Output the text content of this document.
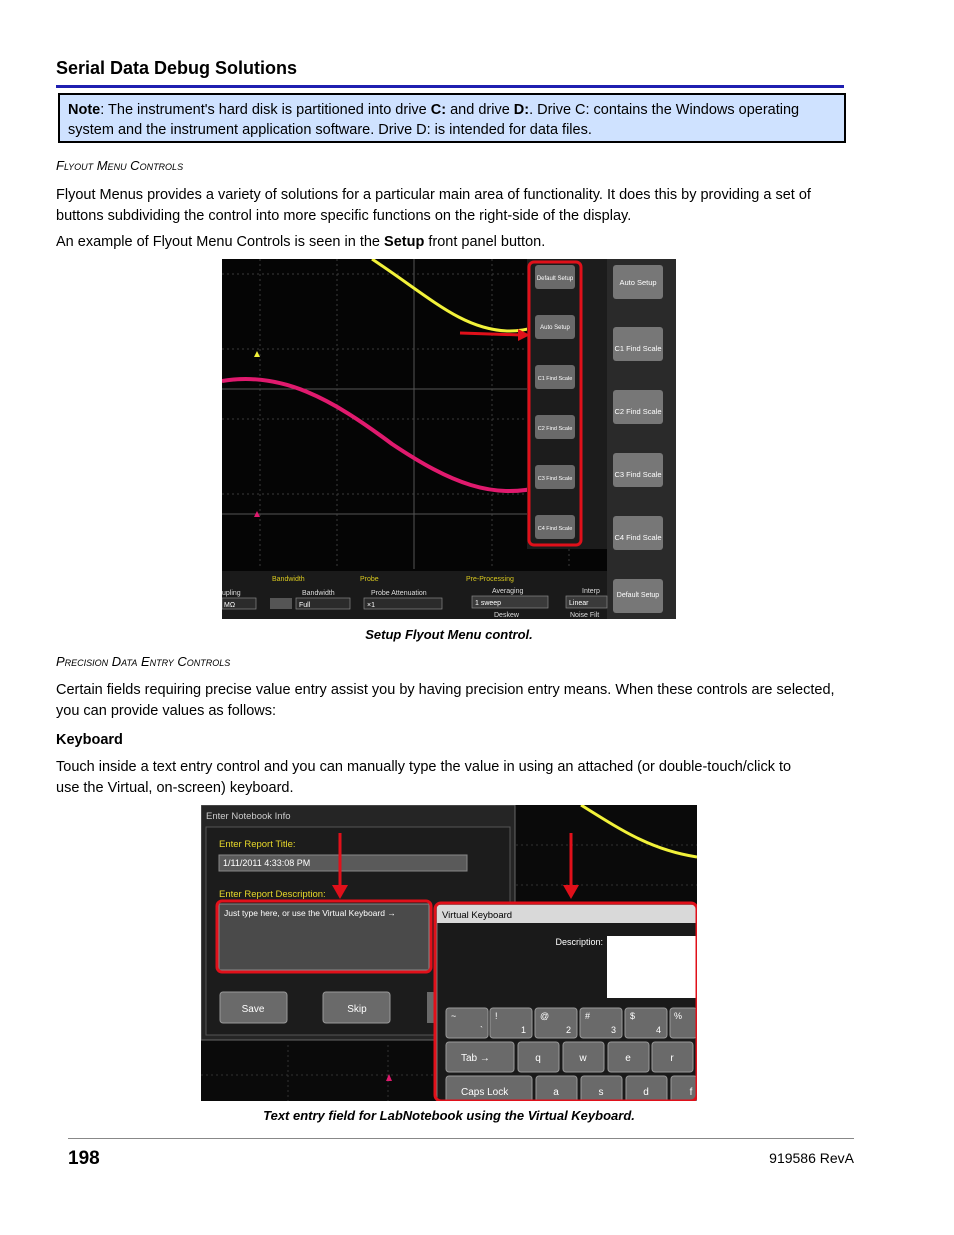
Serial Data Debug Solutions
Note: The instrument's hard disk is partitioned into drive C: and drive D:. Drive C: contains the Windows operating system and the instrument application software. Drive D: is intended for data files.
Flyout Menu Controls
Flyout Menus provides a variety of solutions for a particular main area of functionality. It does this by providing a set of buttons subdividing the control into more specific functions on the right-side of the display.
An example of Flyout Menu Controls is seen in the Setup front panel button.
Default Setup
Auto Setup
C1 Find Scale
C2 Find Scale
C3 Find Scale
C4 Find Scale
Auto Setup
C1 Find Scale
C2 Find Scale
C3 Find Scale
C4 Find Scale
Default Setup
Bandwidth	Probe	Pre-Processing
upling	Bandwidth	Probe Attenuation	Averaging	Interp
MΩ	Full	×1	1 sweep
Deskew
Linear
Noise Filt
Setup Flyout Menu control.
Precision Data Entry Controls
Certain fields requiring precise value entry assist you by having precision entry means. When these controls are selected, you can provide values as follows:
Keyboard
Touch inside a text entry control and you can manually type the value in using an attached (or double-touch/click to use the Virtual, on-screen) keyboard.
Enter Notebook Info
Enter Report Title:
1/11/2011 4:33:08 PM
Enter Report Description:
Just type here, or use the Virtual Keyboard →
Save	Skip
Virtual Keyboard
Description:
~
`
!
1
@
2
#
3
$
4
%
Tab →	q	w	e	r
Caps Lock	a	s	d	f
Text entry field for LabNotebook using the Virtual Keyboard.
198	919586 RevA
